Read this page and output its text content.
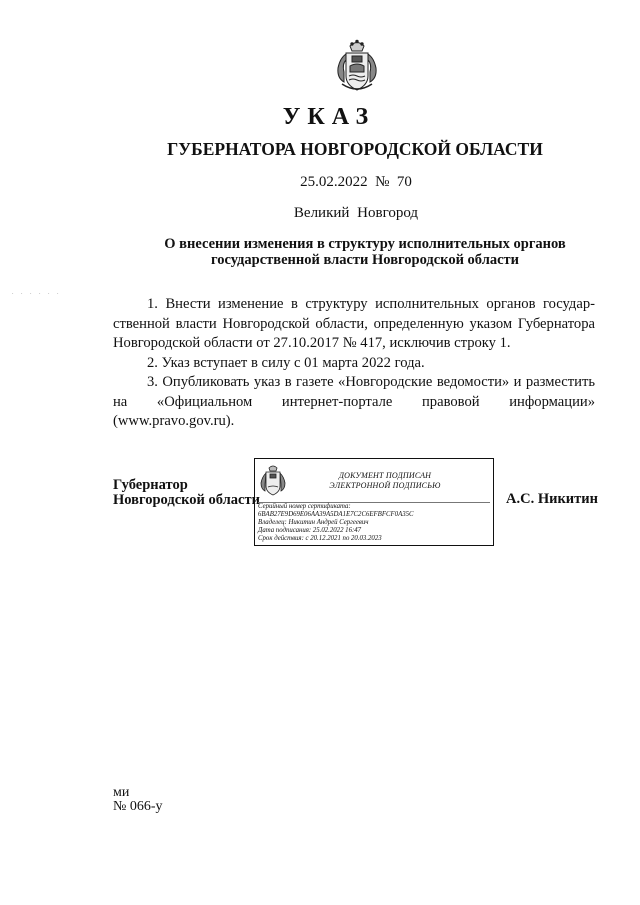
УКАЗ
ГУБЕРНАТОРА НОВГОРОДСКОЙ ОБЛАСТИ
25.02.2022 № 70
Великий Новгород
О внесении изменения в структуру исполнительных органов
государственной власти Новгородской области
. . . . . .

1. Внести изменение в структуру исполнительных органов государ-ственной власти Новгородской области, определенную указом Губернатора Новгородской области от 27.10.2017 № 417, исключив строку 1.

2. Указ вступает в силу с 01 марта 2022 года.

3. Опубликовать указ в газете «Новгородские ведомости» и разместить на «Официальном интернет-портале правовой информации» (www.pravo.gov.ru).

Губернатор
Новгородской области
ДОКУМЕНТ ПОДПИСАН
ЭЛЕКТРОННОЙ ПОДПИСЬЮ
Серийный номер сертификата:
6BAB27E9D69E06AA39A5DA1E7C2C6EFBFCF0A35C
Владелец: Никитин Андрей Сергеевич
Дата подписания: 25.02.2022 16:47
Срок действия: с 20.12.2021 по 20.03.2023
А.С. Никитин
ми
№ 066-у
